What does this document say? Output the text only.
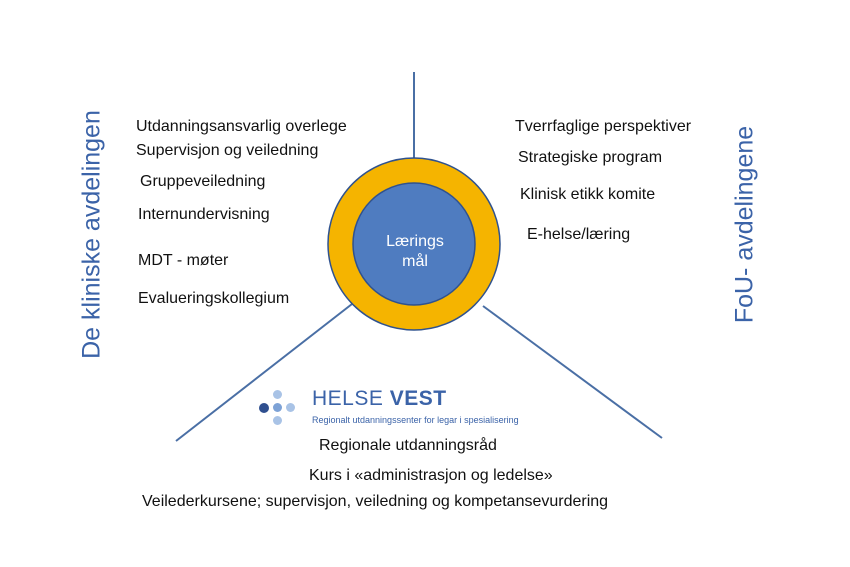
Lærings
mål
De kliniske avdelingen	FoU- avdelingene
Utdanningsansvarlig overlege
Supervisjon og veiledning
Gruppeveiledning
Internundervisning
MDT - møter
Evalueringskollegium
Tverrfaglige perspektiver
Strategiske program
Klinisk etikk komite
E-helse/læring
HELSE VEST
Regionalt utdanningssenter for legar i spesialisering
Regionale utdanningsråd
Kurs i «administrasjon og ledelse»
Veilederkursene; supervisjon, veiledning og kompetansevurdering
